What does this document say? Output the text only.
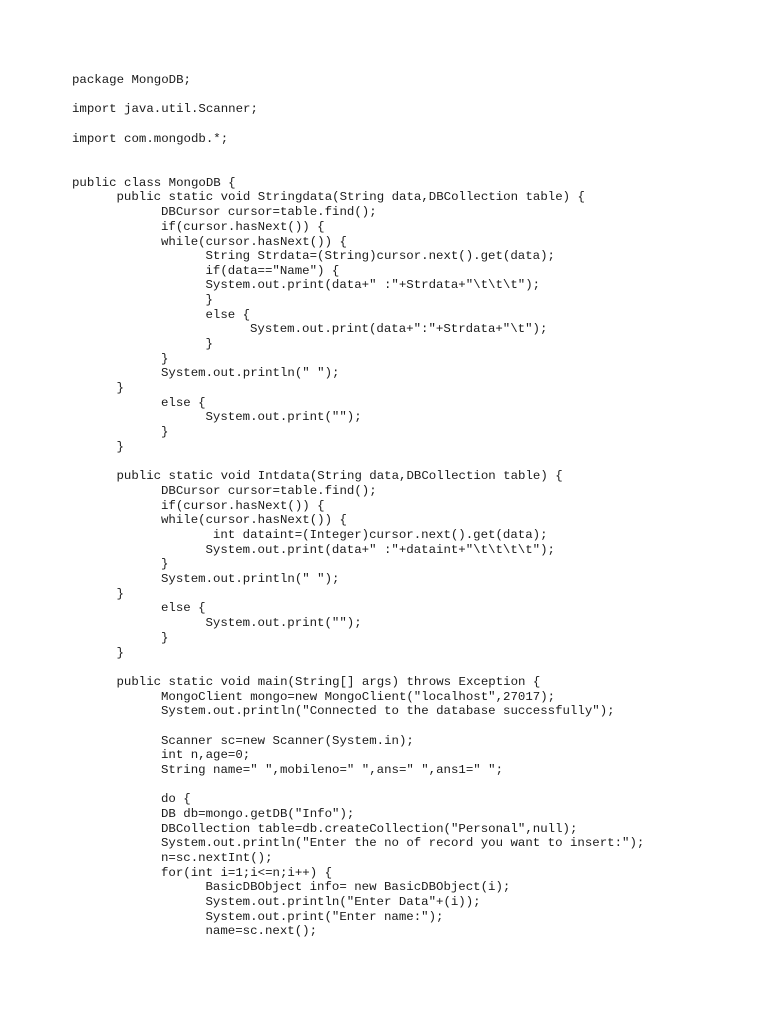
package MongoDB;
import java.util.Scanner;
import com.mongodb.*;
public class MongoDB {
public static void Stringdata(String data,DBCollection table) {
DBCursor cursor=table.find();
if(cursor.hasNext()) {
while(cursor.hasNext()) {
String Strdata=(String)cursor.next().get(data);
if(data=="Name") {
System.out.print(data+" :"+Strdata+"\t\t\t");
}
else {
System.out.print(data+":"+Strdata+"\t");
}
}
System.out.println(" ");
}
else {
System.out.print("");
}
}
public static void Intdata(String data,DBCollection table) {
DBCursor cursor=table.find();
if(cursor.hasNext()) {
while(cursor.hasNext()) {
int dataint=(Integer)cursor.next().get(data);
System.out.print(data+" :"+dataint+"\t\t\t\t");
}
System.out.println(" ");
}
else {
System.out.print("");
}
}
public static void main(String[] args) throws Exception {
MongoClient mongo=new MongoClient("localhost",27017);
System.out.println("Connected to the database successfully");
Scanner sc=new Scanner(System.in);
int n,age=0;
String name=" ",mobileno=" ",ans=" ",ans1=" ";
do {
DB db=mongo.getDB("Info");
DBCollection table=db.createCollection("Personal",null);
System.out.println("Enter the no of record you want to insert:");
n=sc.nextInt();
for(int i=1;i<=n;i++) {
BasicDBObject info= new BasicDBObject(i);
System.out.println("Enter Data"+(i));
System.out.print("Enter name:");
name=sc.next();
